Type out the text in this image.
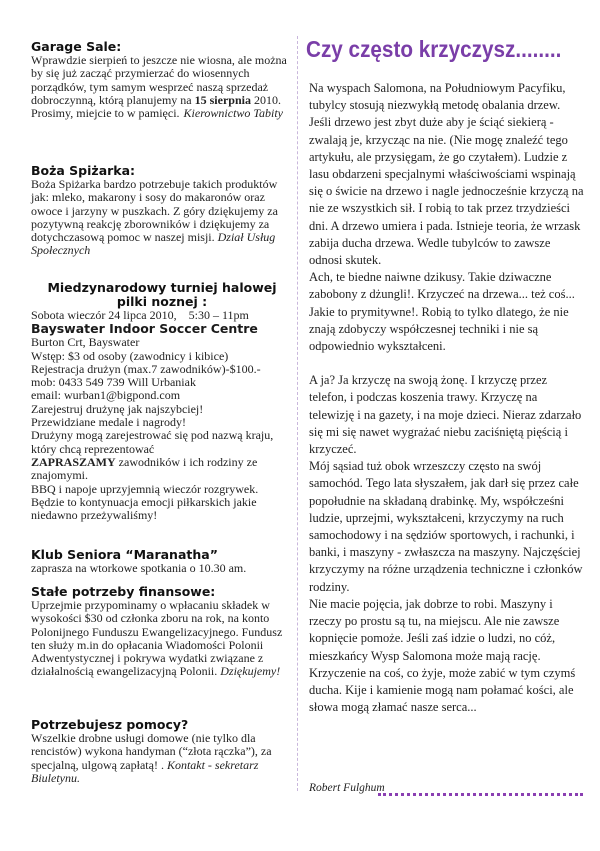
Garage Sale:
Wprawdzie sierpień to jeszcze nie wiosna, ale można by się już zacząć przymierzać do wiosennych porządków, tym samym wesprzeć naszą sprzedaż dobroczynną, którą planujemy na 15 sierpnia 2010. Prosimy, miejcie to w pamięci. Kierownictwo Tabity
Boża Spiżarka:
Boża Spiżarka bardzo potrzebuje takich produktów jak: mleko, makarony i sosy do makaronów oraz owoce i jarzyny w puszkach. Z góry dziękujemy za pozytywną reakcję zborowników i dziękujemy za dotychczasową pomoc w naszej misji. Dział Usług Społecznych
Miedzynarodowy turniej halowej pilki noznej :
Sobota wieczór 24 lipca 2010,    5:30 – 11pm
Bayswater Indoor Soccer Centre

Burton Crt, Bayswater

Wstęp: $3 od osoby (zawodnicy i kibice)

Rejestracja drużyn (max.7 zawodników)-$100.-

mob: 0433 549 739 Will Urbaniak

email: wurban1@bigpond.com

Zarejestruj drużynę jak najszybciej!

Przewidziane medale i nagrody!

Drużyny mogą zarejestrować się pod nazwą kraju, który chcą reprezentować

ZAPRASZAMY zawodników i ich rodziny ze znajomymi.

BBQ i napoje uprzyjemnią wieczór rozgrywek. Będzie to kontynuacja emocji piłkarskich jakie niedawno przeżywaliśmy!

Klub Seniora “Maranatha”
zaprasza na wtorkowe spotkania o 10.30 am.
Stałe potrzeby finansowe:
Uprzejmie przypominamy o wpłacaniu składek w wysokości $30 od członka zboru na rok, na konto Polonijnego Funduszu Ewangelizacyjnego. Fundusz ten służy m.in do opłacania Wiadomości Polonii Adwentystycznej i pokrywa wydatki związane z działalnością ewangelizacyjną Polonii. Dziękujemy!
Potrzebujesz pomocy?
Wszelkie drobne usługi domowe (nie tylko dla rencistów) wykona handyman (“złota rączka”), za specjalną, ulgową zapłatą! . Kontakt - sekretarz Biuletynu.
Czy często krzyczysz........

Na wyspach Salomona, na Południowym Pacyfiku, tubylcy stosują niezwykłą metodę obalania drzew. Jeśli drzewo jest zbyt duże aby je ściąć siekierą - zwalają je, krzycząc na nie. (Nie mogę znaleźć tego artykułu, ale przysięgam, że go czytałem). Ludzie z lasu obdarzeni specjalnymi właściwościami wspinają się o świcie na drzewo i nagle jednocześnie krzyczą na nie ze wszystkich sił. I robią to tak przez trzydzieści dni. A drzewo umiera i pada. Istnieje teoria, że wrzask zabija ducha drzewa. Wedle tubylców to zawsze odnosi skutek.

Ach, te biedne naiwne dzikusy. Takie dziwaczne zabobony z dżungli!. Krzyczeć na drzewa... też coś... Jakie to prymitywne!. Robią to tylko dlatego, że nie znają zdobyczy współczesnej techniki i nie są odpowiednio wykształceni.

A ja? Ja krzyczę na swoją żonę. I krzyczę przez telefon, i podczas koszenia trawy. Krzyczę na telewizję i na gazety, i na moje dzieci. Nieraz zdarzało się mi się nawet wygrażać niebu zaciśniętą pięścią i krzyczeć.

Mój sąsiad tuż obok wrzeszczy często na swój samochód. Tego lata słyszałem, jak darł się przez całe popołudnie na składaną drabinkę. My, współcześni ludzie, uprzejmi, wykształceni, krzyczymy na ruch samochodowy i na sędziów sportowych, i rachunki, i banki, i maszyny - zwłaszcza na maszyny. Najczęściej krzyczymy na różne urządzenia techniczne i członków rodziny.

Nie macie pojęcia, jak dobrze to robi. Maszyny i rzeczy po prostu są tu, na miejscu. Ale nie zawsze kopnięcie pomoże. Jeśli zaś idzie o ludzi, no cóż, mieszkańcy Wysp Salomona może mają rację.

Krzyczenie na coś, co żyje, może zabić w tym czymś ducha. Kije i kamienie mogą nam połamać kości, ale słowa mogą złamać nasze serca...

Robert Fulghum
